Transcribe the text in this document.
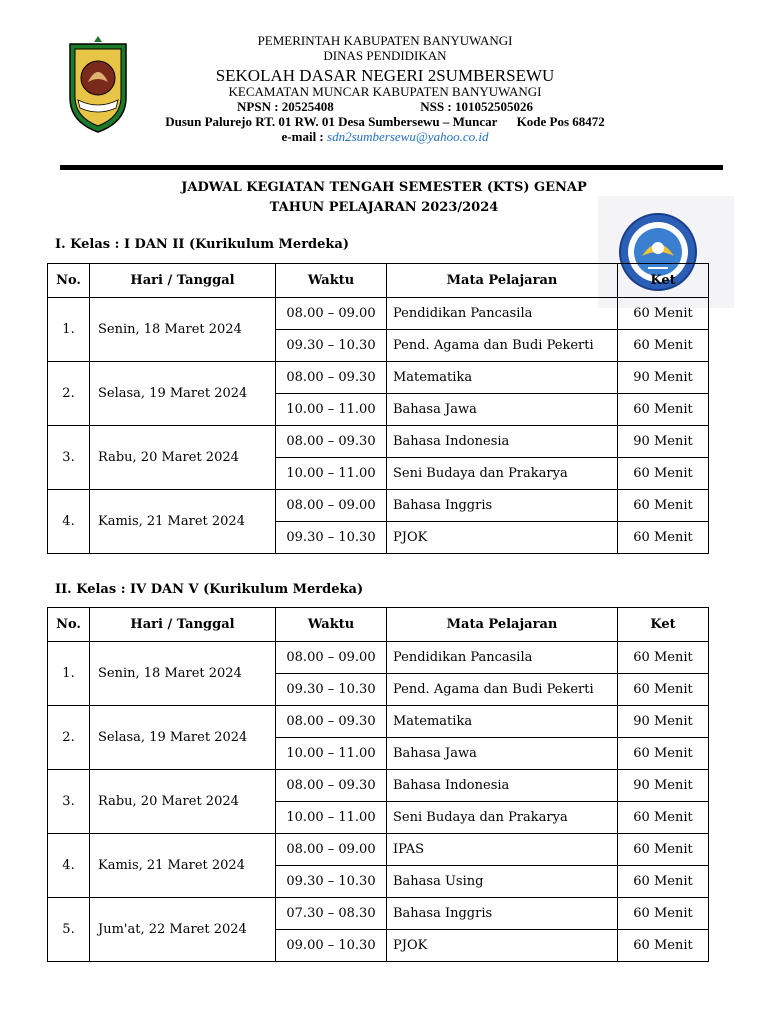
PEMERINTAH KABUPATEN BANYUWANGI
DINAS PENDIDIKAN
SEKOLAH DASAR NEGERI 2SUMBERSEWU
KECAMATAN MUNCAR KABUPATEN BANYUWANGI
NPSN : 20525408	NSS : 101052505026
Dusun Palurejo RT. 01 RW. 01 Desa Sumbersewu – Muncar Kode Pos 68472
e-mail : sdn2sumbersewu@yahoo.co.id
JADWAL KEGIATAN TENGAH SEMESTER (KTS) GENAP
TAHUN PELAJARAN 2023/2024
I. Kelas : I DAN II (Kurikulum Merdeka)
No.	Hari / Tanggal	Waktu	Mata Pelajaran	Ket
1.	Senin, 18 Maret 2024	08.00 – 09.00	Pendidikan Pancasila	60 Menit
		09.30 – 10.30	Pend. Agama dan Budi Pekerti	60 Menit
2.	Selasa, 19 Maret 2024	08.00 – 09.30	Matematika	90 Menit
		10.00 – 11.00	Bahasa Jawa	60 Menit
3.	Rabu, 20 Maret 2024	08.00 – 09.30	Bahasa Indonesia	90 Menit
		10.00 – 11.00	Seni Budaya dan Prakarya	60 Menit
4.	Kamis, 21 Maret 2024	08.00 – 09.00	Bahasa Inggris	60 Menit
		09.30 – 10.30	PJOK	60 Menit
II. Kelas : IV DAN V (Kurikulum Merdeka)
No.	Hari / Tanggal	Waktu	Mata Pelajaran	Ket
1.	Senin, 18 Maret 2024	08.00 – 09.00	Pendidikan Pancasila	60 Menit
		09.30 – 10.30	Pend. Agama dan Budi Pekerti	60 Menit
2.	Selasa, 19 Maret 2024	08.00 – 09.30	Matematika	90 Menit
		10.00 – 11.00	Bahasa Jawa	60 Menit
3.	Rabu, 20 Maret 2024	08.00 – 09.30	Bahasa Indonesia	90 Menit
		10.00 – 11.00	Seni Budaya dan Prakarya	60 Menit
4.	Kamis, 21 Maret 2024	08.00 – 09.00	IPAS	60 Menit
		09.30 – 10.30	Bahasa Using	60 Menit
5.	Jum'at, 22 Maret 2024	07.30 – 08.30	Bahasa Inggris	60 Menit
		09.00 – 10.30	PJOK	60 Menit
